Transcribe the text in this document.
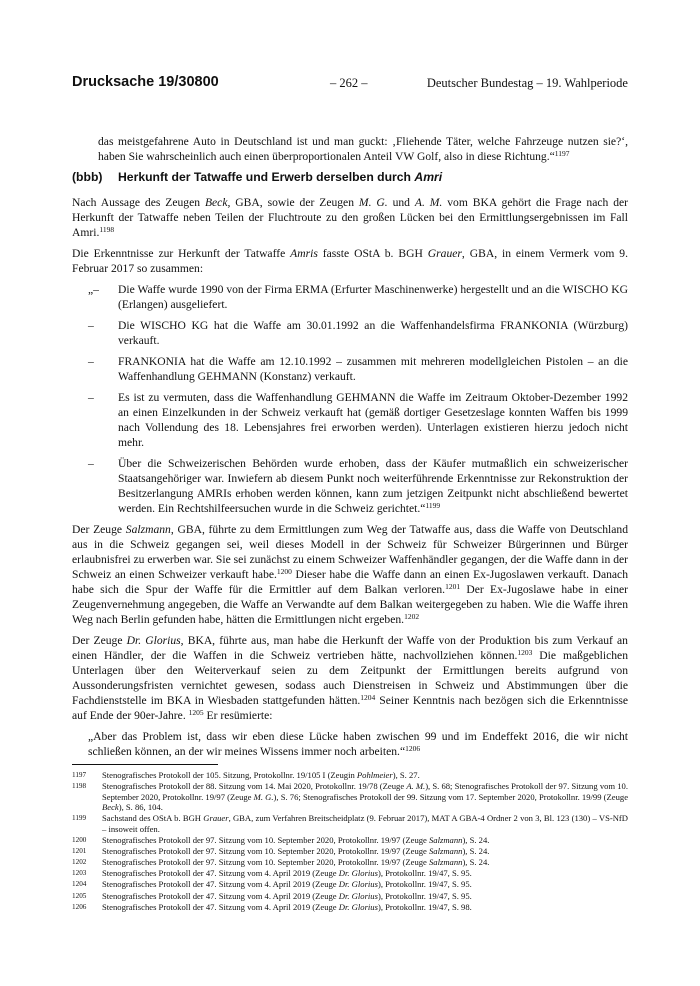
Drucksache 19/30800	– 262 –	Deutscher Bundestag – 19. Wahlperiode

das meistgefahrene Auto in Deutschland ist und man guckt: ‚Fliehende Täter, welche Fahrzeuge nutzen sie?‘, haben Sie wahrscheinlich auch einen überproportionalen Anteil VW Golf, also in diese Richtung.“$^{1197}$

(bbb) Herkunft der Tatwaffe und Erwerb derselben durch Amri

Nach Aussage des Zeugen Beck, GBA, sowie der Zeugen M. G. und A. M. vom BKA gehört die Frage nach der Herkunft der Tatwaffe neben Teilen der Fluchtroute zu den großen Lücken bei den Ermittlungsergebnissen im Fall Amri.$^{1198}$

Die Erkenntnisse zur Herkunft der Tatwaffe Amris fasste OStA b. BGH Grauer, GBA, in einem Vermerk vom 9. Februar 2017 so zusammen:

„– Die Waffe wurde 1990 von der Firma ERMA (Erfurter Maschinenwerke) hergestellt und an die WISCHO KG (Erlangen) ausgeliefert.
– Die WISCHO KG hat die Waffe am 30.01.1992 an die Waffenhandelsfirma FRANKONIA (Würzburg) verkauft.
– FRANKONIA hat die Waffe am 12.10.1992 – zusammen mit mehreren modellgleichen Pistolen – an die Waffenhandlung GEHMANN (Konstanz) verkauft.
– Es ist zu vermuten, dass die Waffenhandlung GEHMANN die Waffe im Zeitraum Oktober-Dezember 1992 an einen Einzelkunden in der Schweiz verkauft hat (gemäß dortiger Gesetzeslage konnten Waffen bis 1999 nach Vollendung des 18. Lebensjahres frei erworben werden). Unterlagen existieren hierzu jedoch nicht mehr.
– Über die Schweizerischen Behörden wurde erhoben, dass der Käufer mutmaßlich ein schweizerischer Staatsangehöriger war. Inwiefern ab diesem Punkt noch weiterführende Erkenntnisse zur Rekonstruktion der Besitzerlangung AMRIs erhoben werden können, kann zum jetzigen Zeitpunkt nicht abschließend bewertet werden. Ein Rechtshilfeersuchen wurde in die Schweiz gerichtet.“$^{1199}$

Der Zeuge Salzmann, GBA, führte zu dem Ermittlungen zum Weg der Tatwaffe aus, dass die Waffe von Deutschland aus in die Schweiz gegangen sei, weil dieses Modell in der Schweiz für Schweizer Bürgerinnen und Bürger erlaubnisfrei zu erwerben war. Sie sei zunächst zu einem Schweizer Waffenhändler gegangen, der die Waffe dann in der Schweiz an einen Schweizer verkauft habe.$^{1200}$ Dieser habe die Waffe dann an einen Ex-Jugoslawen verkauft. Danach habe sich die Spur der Waffe für die Ermittler auf dem Balkan verloren.$^{1201}$ Der Ex-Jugoslawe habe in einer Zeugenvernehmung angegeben, die Waffe an Verwandte auf dem Balkan weitergegeben zu haben. Wie die Waffe ihren Weg nach Berlin gefunden habe, hätten die Ermittlungen nicht ergeben.$^{1202}$

Der Zeuge Dr. Glorius, BKA, führte aus, man habe die Herkunft der Waffe von der Produktion bis zum Verkauf an einen Händler, der die Waffen in die Schweiz vertrieben hätte, nachvollziehen können.$^{1203}$ Die maßgeblichen Unterlagen über den Weiterverkauf seien zu dem Zeitpunkt der Ermittlungen bereits aufgrund von Aussonderungsfristen vernichtet gewesen, sodass auch Dienstreisen in Schweiz und Abstimmungen über die Fachdienststelle im BKA in Wiesbaden stattgefunden hätten.$^{1204}$ Seiner Kenntnis nach bezögen sich die Erkenntnisse auf Ende der 90er-Jahre. $^{1205}$ Er resümierte:

„Aber das Problem ist, dass wir eben diese Lücke haben zwischen 99 und im Endeffekt 2016, die wir nicht schließen können, an der wir meines Wissens immer noch arbeiten.“$^{1206}$

1197 Stenografisches Protokoll der 105. Sitzung, Protokollnr. 19/105 I (Zeugin Pohlmeier), S. 27.
1198 Stenografisches Protokoll der 88. Sitzung vom 14. Mai 2020, Protokollnr. 19/78 (Zeuge A. M.), S. 68; Stenografisches Protokoll der 97. Sitzung vom 10. September 2020, Protokollnr. 19/97 (Zeuge M. G.), S. 76; Stenografisches Protokoll der 99. Sitzung vom 17. September 2020, Protokollnr. 19/99 (Zeuge Beck), S. 86, 104.
1199 Sachstand des OStA b. BGH Grauer, GBA, zum Verfahren Breitscheidplatz (9. Februar 2017), MAT A GBA-4 Ordner 2 von 3, Bl. 123 (130) – VS-NfD – insoweit offen.
1200 Stenografisches Protokoll der 97. Sitzung vom 10. September 2020, Protokollnr. 19/97 (Zeuge Salzmann), S. 24.
1201 Stenografisches Protokoll der 97. Sitzung vom 10. September 2020, Protokollnr. 19/97 (Zeuge Salzmann), S. 24.
1202 Stenografisches Protokoll der 97. Sitzung vom 10. September 2020, Protokollnr. 19/97 (Zeuge Salzmann), S. 24.
1203 Stenografisches Protokoll der 47. Sitzung vom 4. April 2019 (Zeuge Dr. Glorius), Protokollnr. 19/47, S. 95.
1204 Stenografisches Protokoll der 47. Sitzung vom 4. April 2019 (Zeuge Dr. Glorius), Protokollnr. 19/47, S. 95.
1205 Stenografisches Protokoll der 47. Sitzung vom 4. April 2019 (Zeuge Dr. Glorius), Protokollnr. 19/47, S. 95.
1206 Stenografisches Protokoll der 47. Sitzung vom 4. April 2019 (Zeuge Dr. Glorius), Protokollnr. 19/47, S. 98.
